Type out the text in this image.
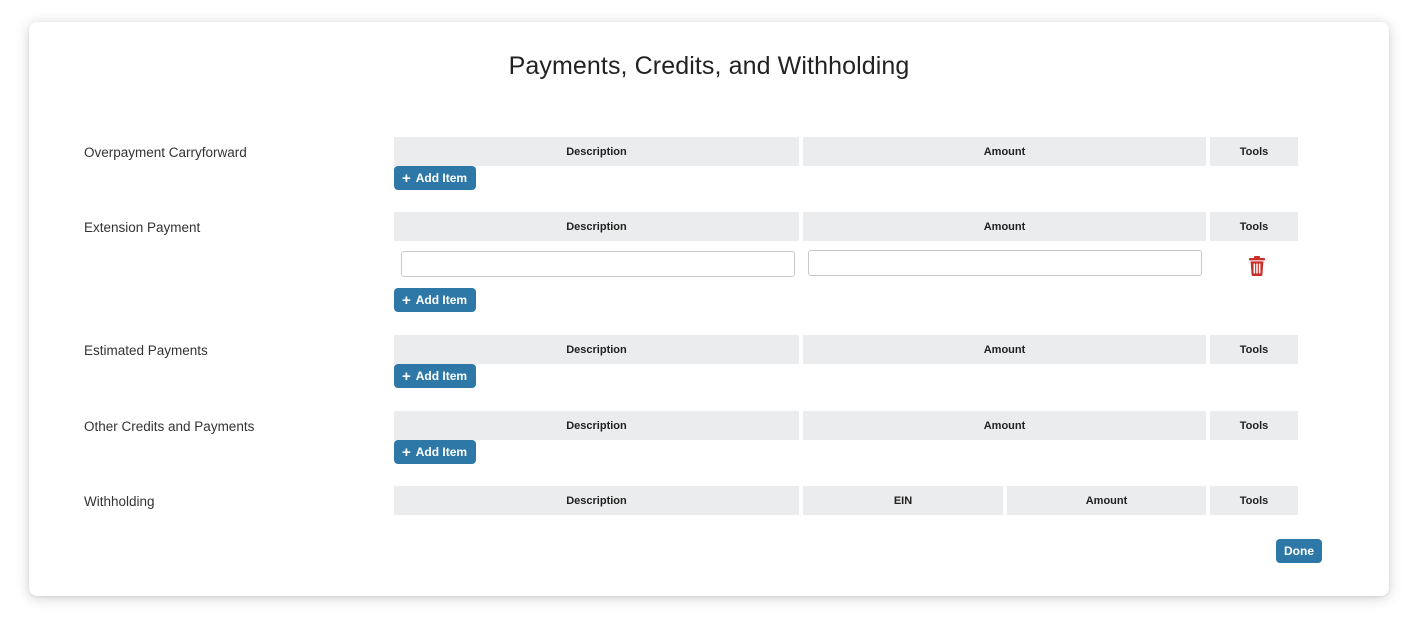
Payments, Credits, and Withholding
Overpayment Carryforward	Description	Amount	Tools
+ Add Item
Extension Payment	Description	Amount	Tools
+ Add Item
Estimated Payments	Description	Amount	Tools
+ Add Item
Other Credits and Payments	Description	Amount	Tools
+ Add Item
Withholding	Description	EIN	Amount	Tools
Done
